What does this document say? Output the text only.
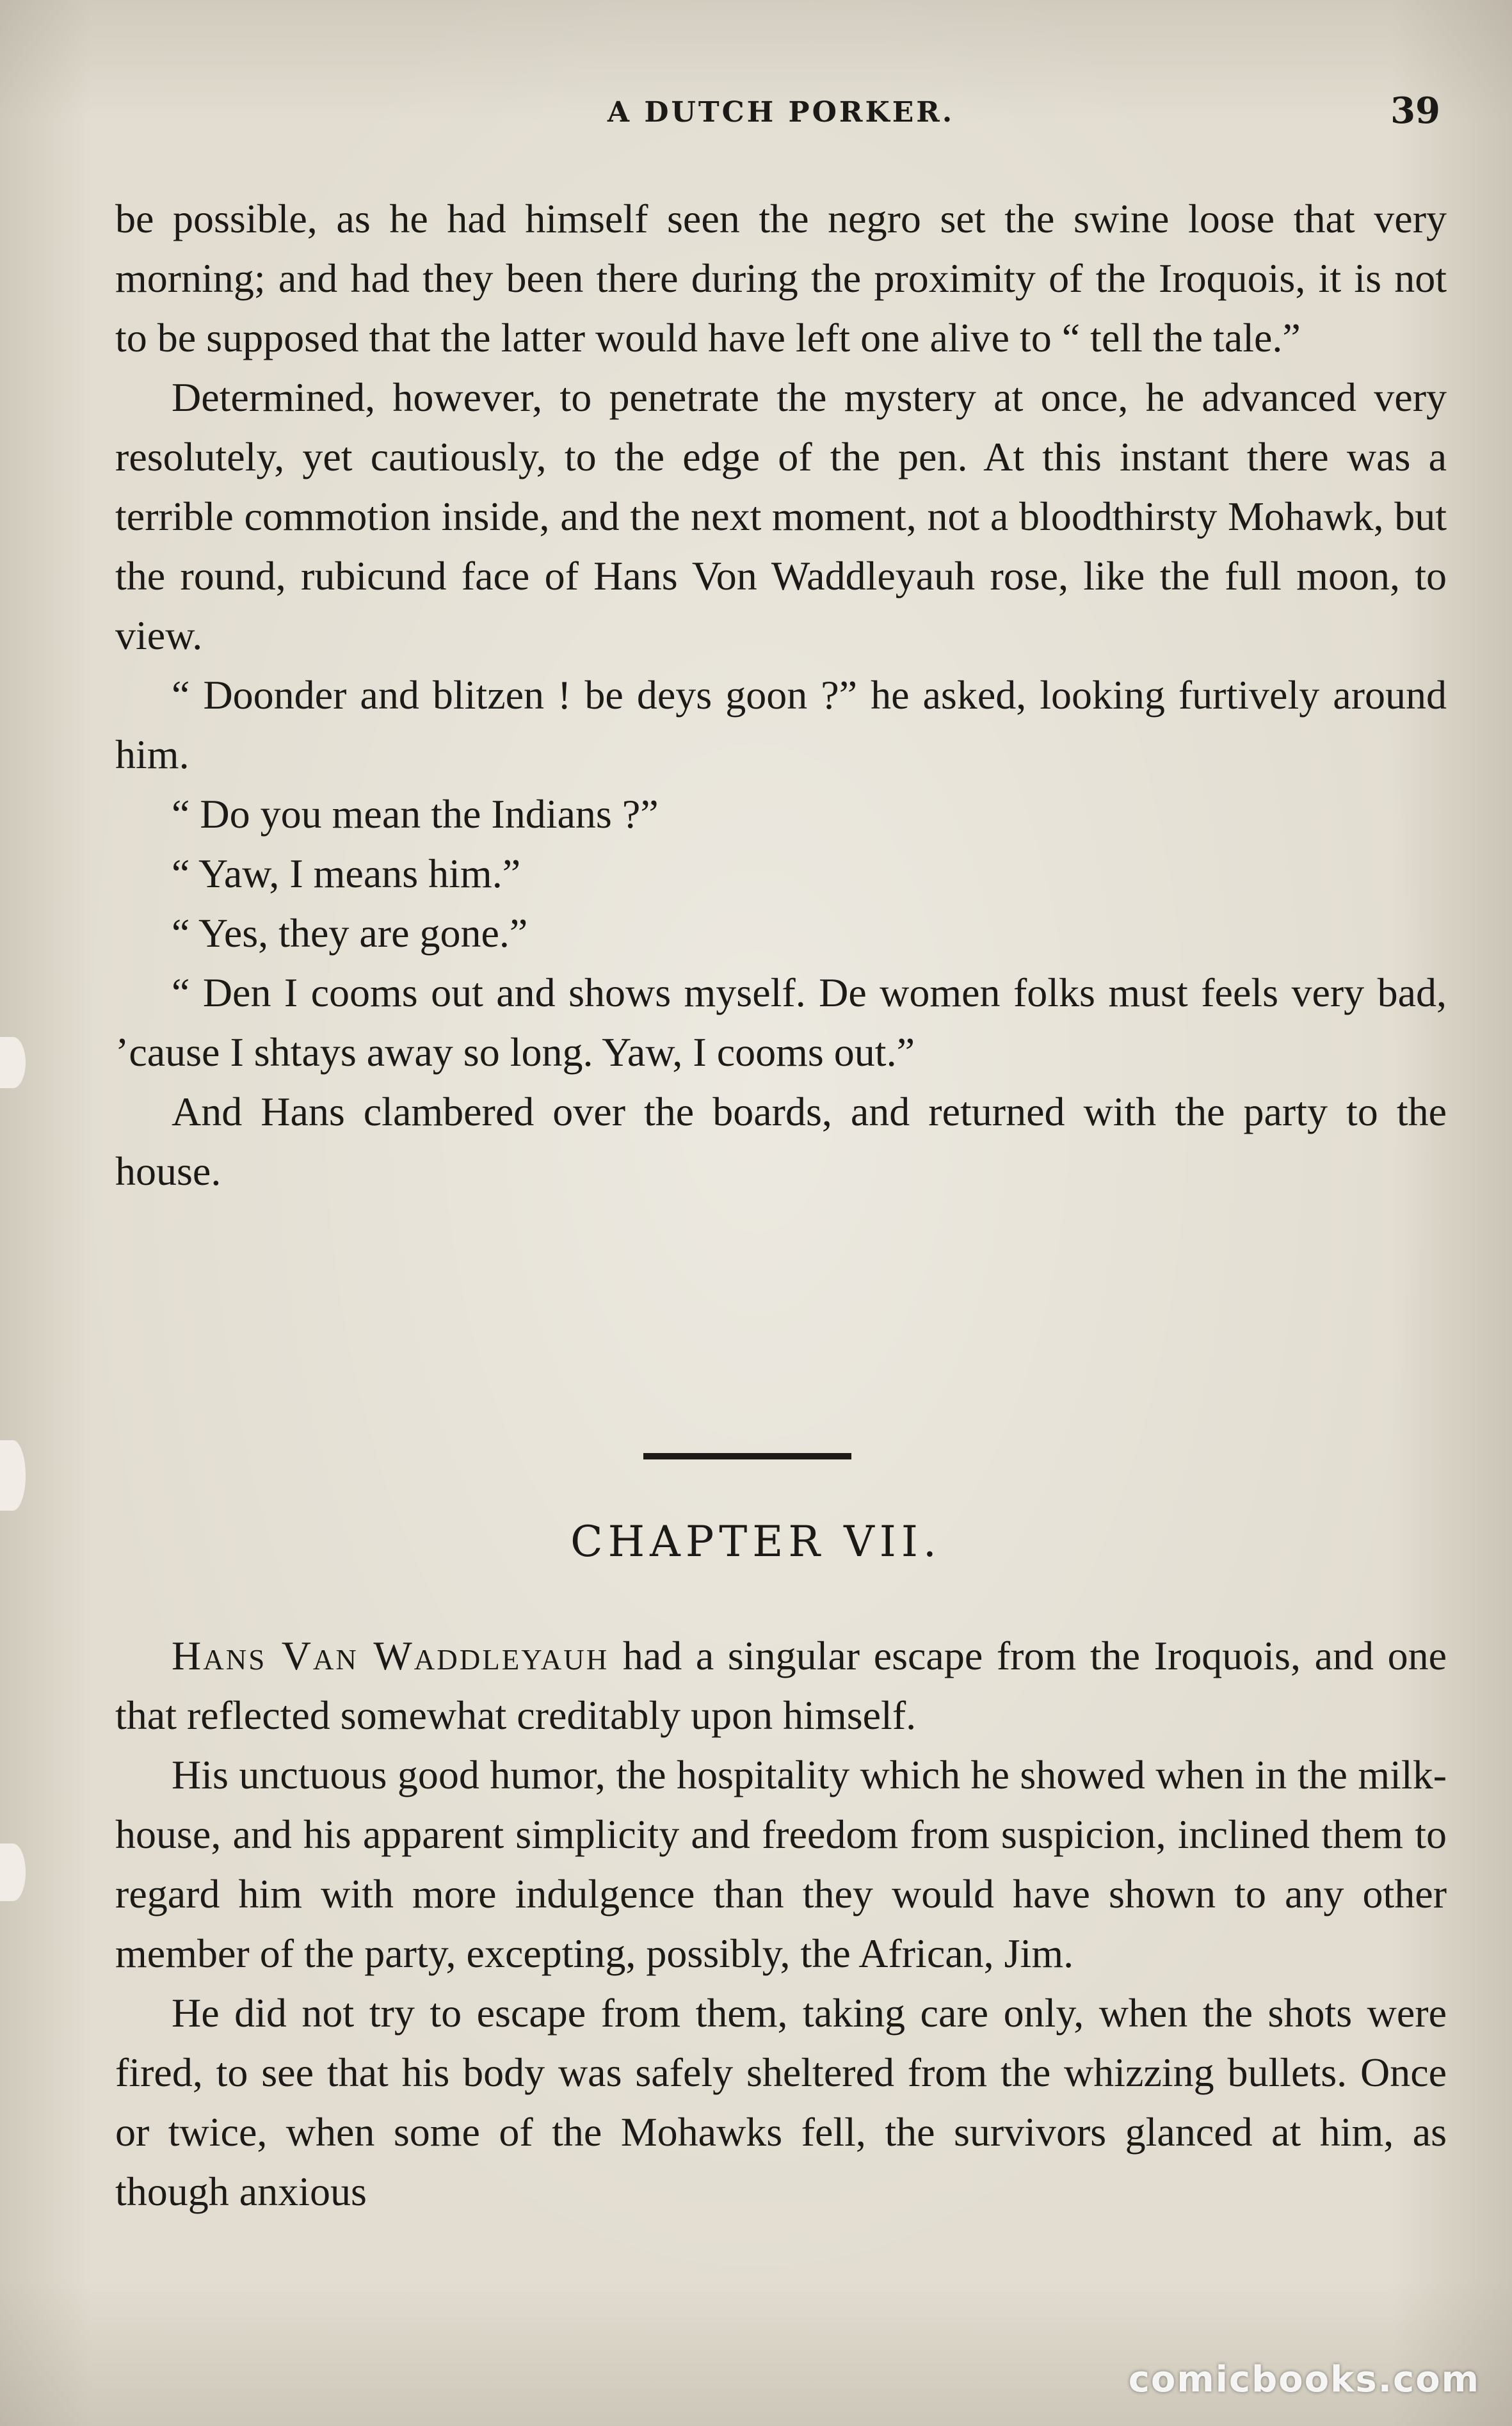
A DUTCH PORKER.	39

be possible, as he had himself seen the negro set the swine loose that very morning; and had they been there during the proximity of the Iroquois, it is not to be supposed that the latter would have left one alive to “ tell the tale.”

Determined, however, to penetrate the mystery at once, he advanced very resolutely, yet cautiously, to the edge of the pen. At this instant there was a terrible commotion inside, and the next moment, not a bloodthirsty Mohawk, but the round, rubicund face of Hans Von Waddleyauh rose, like the full moon, to view.

“ Doonder and blitzen ! be deys goon ?” he asked, looking furtively around him.

“ Do you mean the Indians ?”

“ Yaw, I means him.”

“ Yes, they are gone.”

“ Den I cooms out and shows myself. De women folks must feels very bad, ’cause I shtays away so long. Yaw, I cooms out.”

And Hans clambered over the boards, and returned with the party to the house.

CHAPTER VII.

Hans Van Waddleyauh had a singular escape from the Iroquois, and one that reflected somewhat creditably upon himself.

His unctuous good humor, the hospitality which he showed when in the milk-house, and his apparent simplicity and freedom from suspicion, inclined them to regard him with more indulgence than they would have shown to any other member of the party, excepting, possibly, the African, Jim.

He did not try to escape from them, taking care only, when the shots were fired, to see that his body was safely sheltered from the whizzing bullets. Once or twice, when some of the Mohawks fell, the survivors glanced at him, as though anxious

comicbooks.com
